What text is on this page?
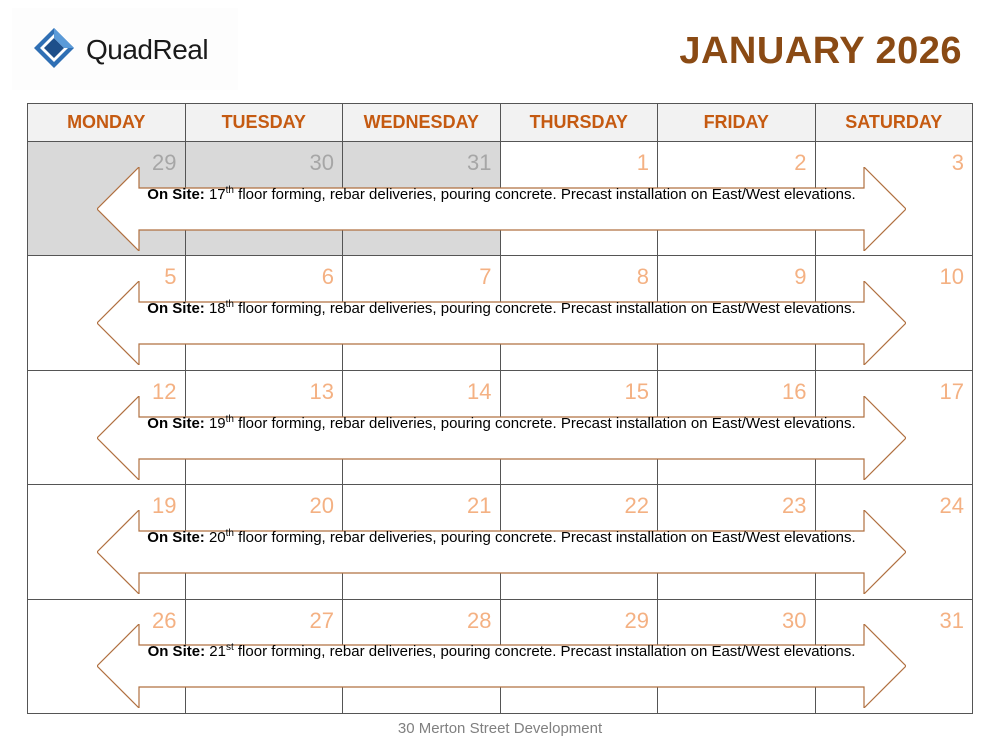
QuadReal	JANUARY 2026
MONDAY	TUESDAY	WEDNESDAY	THURSDAY	FRIDAY	SATURDAY

29	30	31	1	2	3

5	6	7	8	9	10

12	13	14	15	16	17

19	20	21	22	23	24

26	27	28	29	30	31
On Site: 17th floor forming, rebar deliveries, pouring concrete. Precast installation on East/West elevations.
On Site: 18th floor forming, rebar deliveries, pouring concrete. Precast installation on East/West elevations.
On Site: 19th floor forming, rebar deliveries, pouring concrete. Precast installation on East/West elevations.
On Site: 20th floor forming, rebar deliveries, pouring concrete. Precast installation on East/West elevations.
On Site: 21st floor forming, rebar deliveries, pouring concrete. Precast installation on East/West elevations.
30 Merton Street Development
